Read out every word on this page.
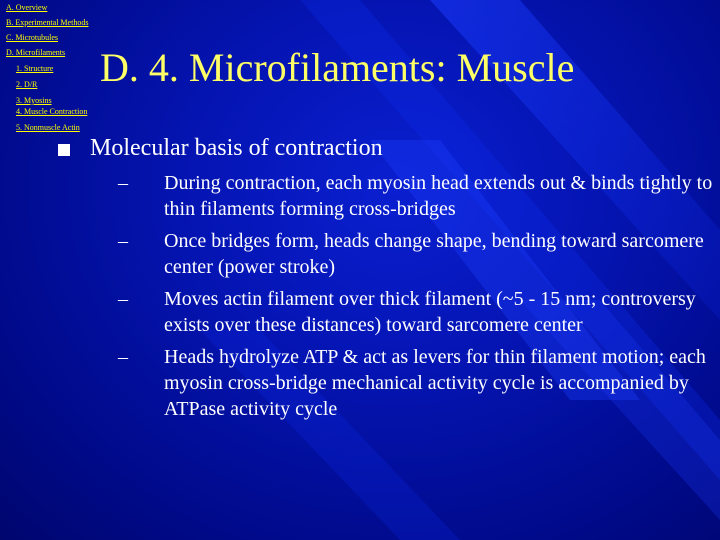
A. Overview
B. Experimental Methods
C. Microtubules
D. Microfilaments
1. Structure
2. D/R
3. Myosins
4. Muscle Contraction
5. Nonmuscle Actin
D. 4. Microfilaments: Muscle
Molecular basis of contraction
– During contraction, each myosin head extends out & binds tightly to thin filaments forming cross-bridges
– Once bridges form, heads change shape, bending toward sarcomere center (power stroke)
– Moves actin filament over thick filament (~5 - 15 nm; controversy exists over these distances) toward sarcomere center
– Heads hydrolyze ATP & act as levers for thin filament motion; each myosin cross-bridge mechanical activity cycle is accompanied by ATPase activity cycle
